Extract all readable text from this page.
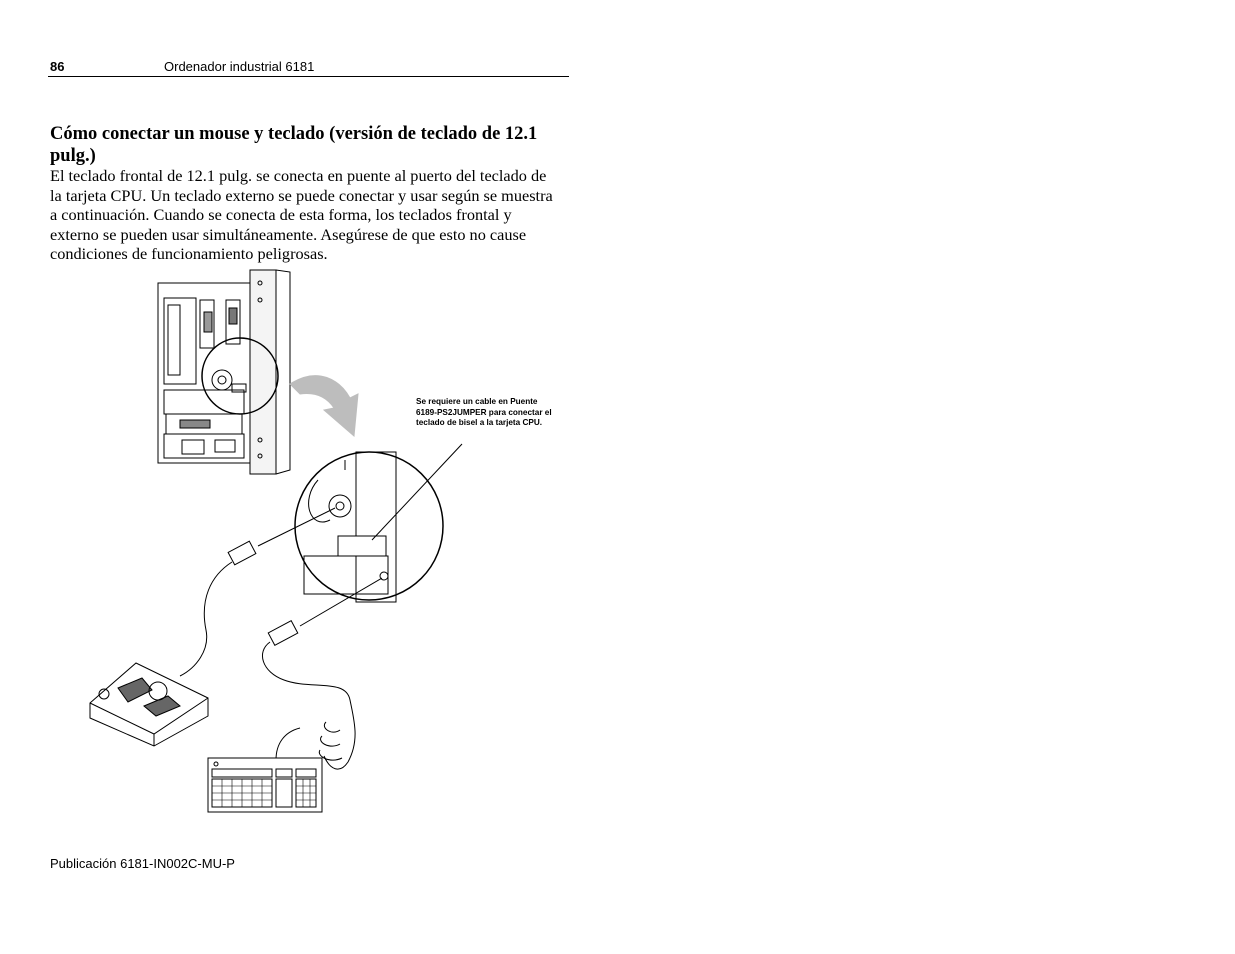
86	Ordenador industrial 6181
Cómo conectar un mouse y teclado (versión de teclado de 12.1 pulg.)

El teclado frontal de 12.1 pulg. se conecta en puente al puerto del teclado de la tarjeta CPU. Un teclado externo se puede conectar y usar según se muestra a continuación. Cuando se conecta de esta forma, los teclados frontal y externo se pueden usar simultáneamente. Asegúrese de que esto no cause condiciones de funcionamiento peligrosas.

Se requiere un cable en Puente 6189-PS2JUMPER para conectar el teclado de bisel a la tarjeta CPU.

Publicación 6181-IN002C-MU-P
